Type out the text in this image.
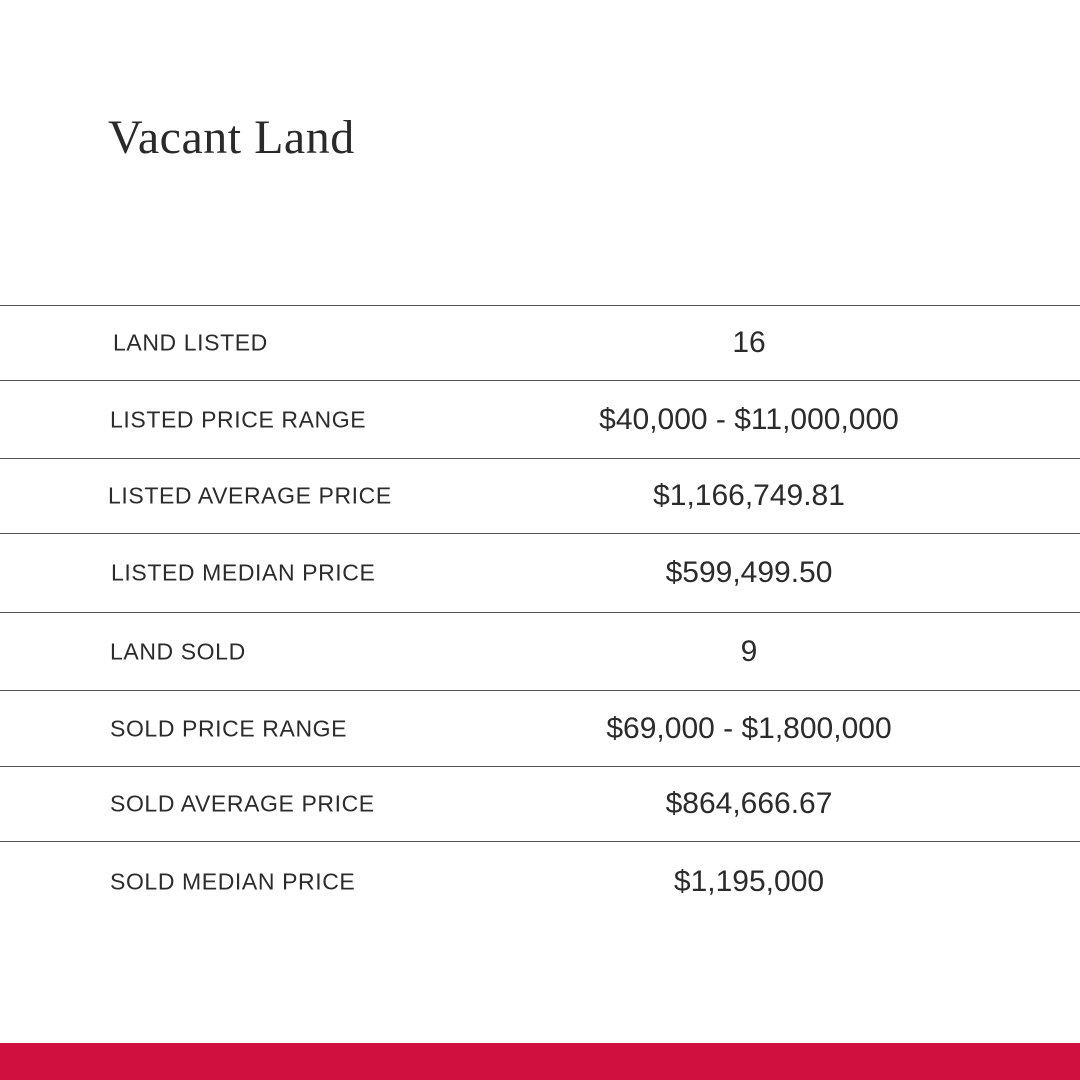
Vacant Land
LAND LISTED	16
LISTED PRICE RANGE	$40,000 - $11,000,000
LISTED AVERAGE PRICE	$1,166,749.81
LISTED MEDIAN PRICE	$599,499.50
LAND SOLD	9
SOLD PRICE RANGE	$69,000 - $1,800,000
SOLD AVERAGE PRICE	$864,666.67
SOLD MEDIAN PRICE	$1,195,000
